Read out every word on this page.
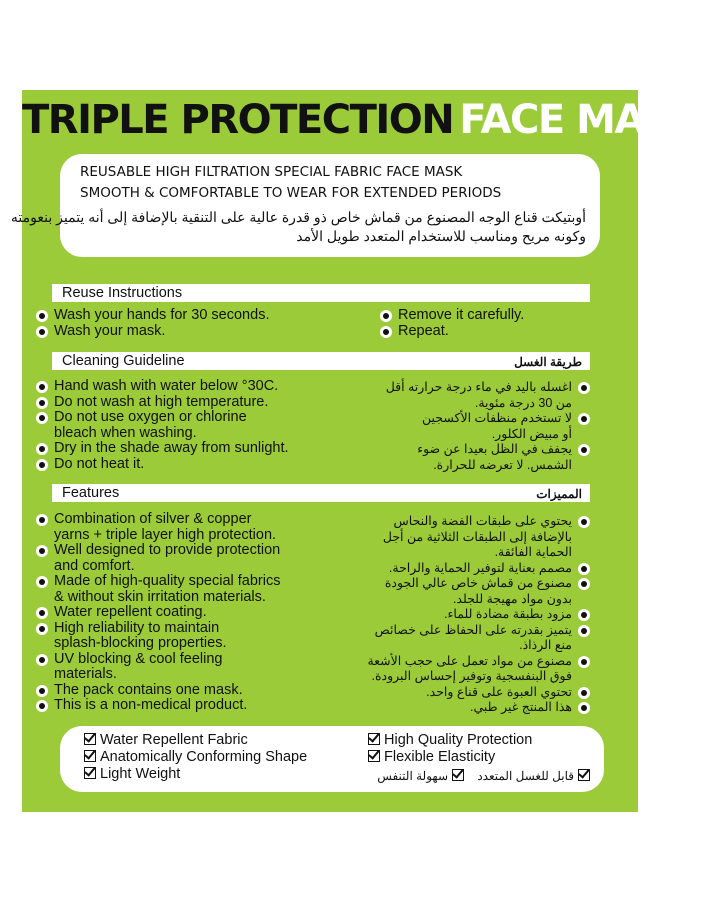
TRIPLE PROTECTION FACE MASK
REUSABLE HIGH FILTRATION SPECIAL FABRIC FACE MASK
SMOOTH & COMFORTABLE TO WEAR FOR EXTENDED PERIODS
أوبتيكت قناع الوجه المصنوع من قماش خاص ذو قدرة عالية على التنقية بالإضافة إلى أنه يتميز بنعومته
وكونه مريح ومناسب للاستخدام المتعدد طويل الأمد
Reuse Instructions
Wash your hands for 30 seconds.
Wash your mask.
Remove it carefully.
Repeat.
Cleaning Guideline	طريقة الغسل
Hand wash with water below °30C.
Do not wash at high temperature.
Do not use oxygen or chlorine
bleach when washing.
Dry in the shade away from sunlight.
Do not heat it.
اغسله باليد في ماء درجة حرارته أقل
من 30 درجة مئوية.
لا تستخدم منظفات الأكسجين
أو مبيض الكلور.
يجفف في الظل بعيدا عن ضوء
الشمس. لا تعرضه للحرارة.
Features	المميزات
Combination of silver & copper
yarns + triple layer high protection.
Well designed to provide protection
and comfort.
Made of high-quality special fabrics
& without skin irritation materials.
Water repellent coating.
High reliability to maintain
splash-blocking properties.
UV blocking & cool feeling
materials.
The pack contains one mask.
This is a non-medical product.
يحتوي على طبقات الفضة والنحاس
بالإضافة إلى الطبقات الثلاثية من أجل
الحماية الفائقة.
مصمم بعناية لتوفير الحماية والراحة.
مصنوع من قماش خاص عالي الجودة
بدون مواد مهيجة للجلد.
مزود بطبقة مضادة للماء.
يتميز بقدرته على الحفاظ على خصائص
منع الرذاذ.
مصنوع من مواد تعمل على حجب الأشعة
فوق البنفسجية وتوفير إحساس البرودة.
تحتوي العبوة على قناع واحد.
هذا المنتج غير طبي.
Water Repellent Fabric
Anatomically Conforming Shape
Light Weight
High Quality Protection
Flexible Elasticity
قابل للغسل المتعدد
سهولة التنفس
